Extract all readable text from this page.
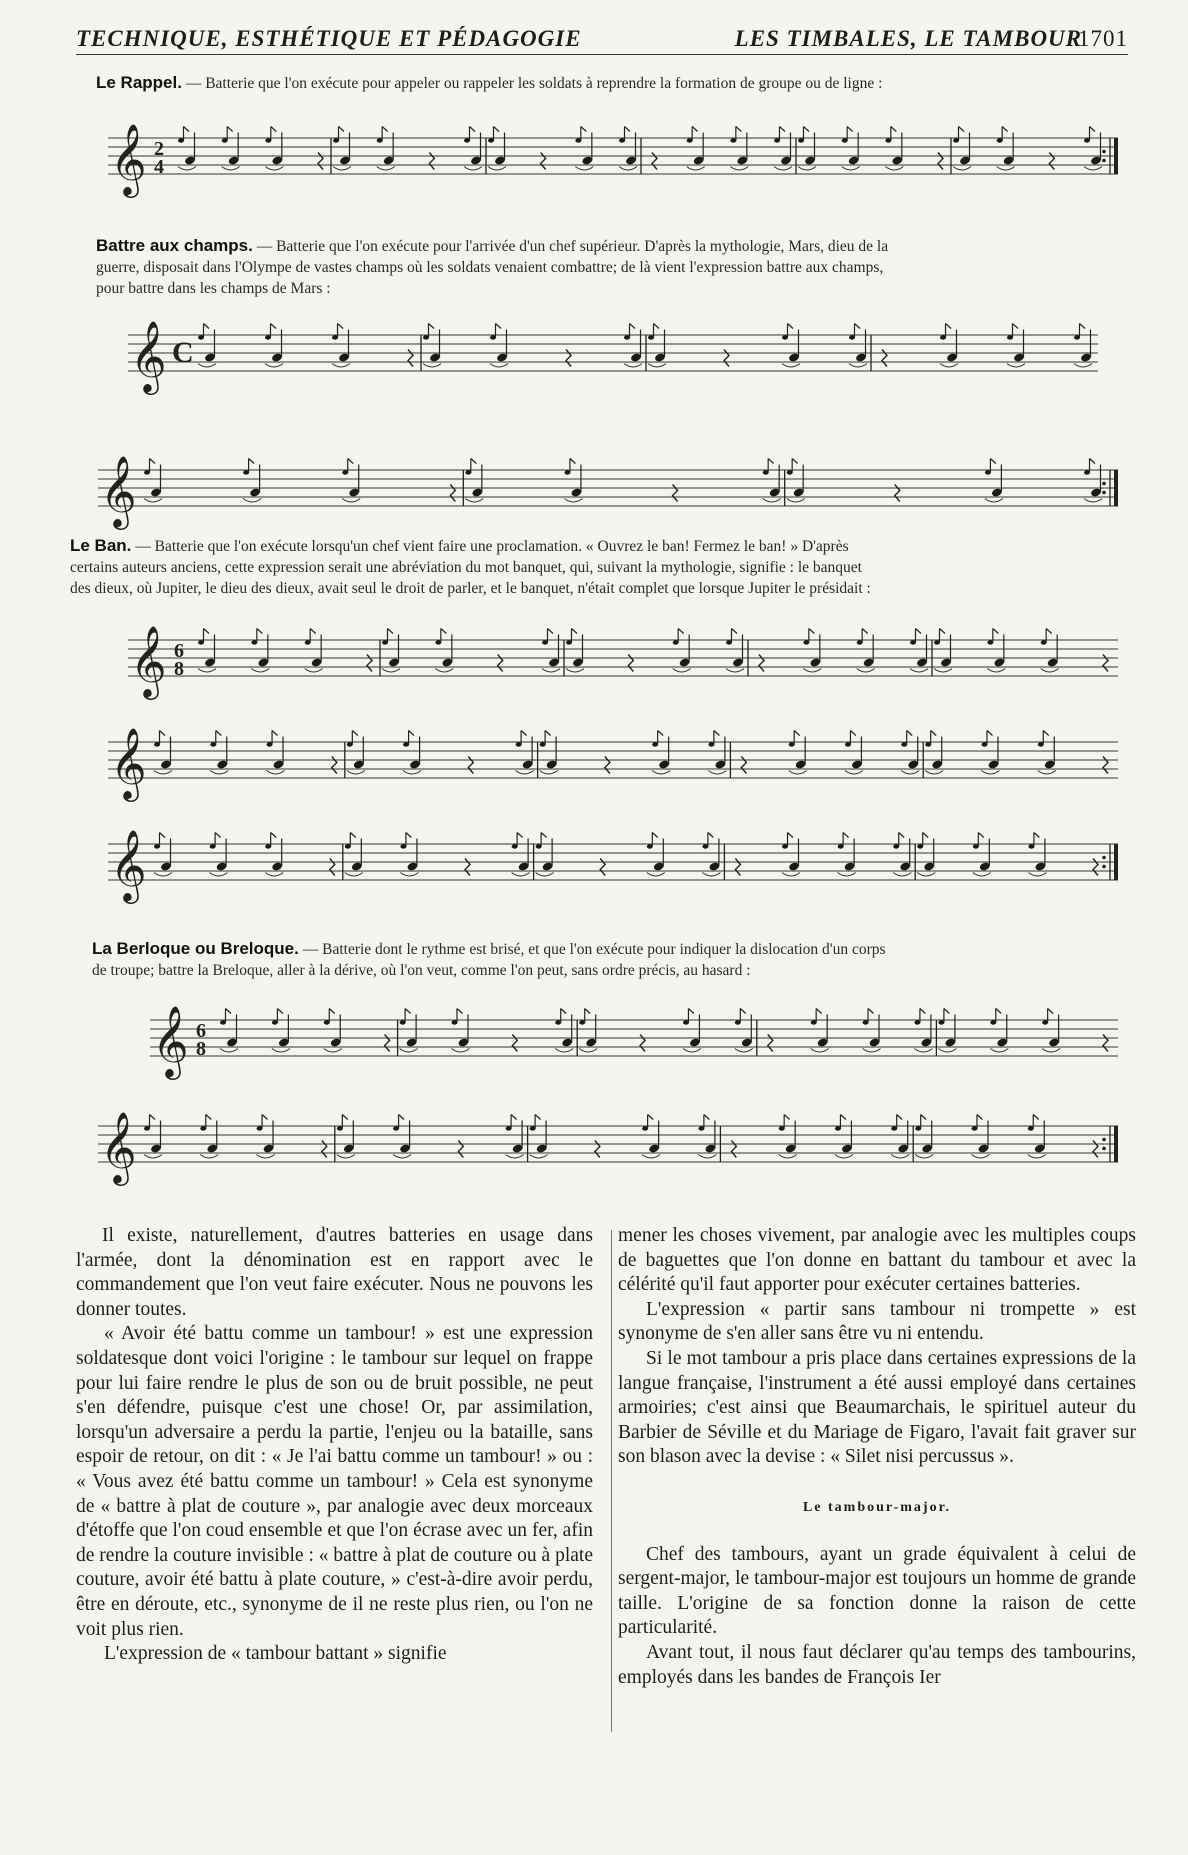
TECHNIQUE, ESTHÉTIQUE ET PÉDAGOGIE	LES TIMBALES, LE TAMBOUR
1701
Le Rappel. — Batterie que l'on exécute pour appeler ou rappeler les soldats à reprendre la formation de groupe ou de ligne :
𝄞 2
4
Battre aux champs. — Batterie que l'on exécute pour l'arrivée d'un chef supérieur. D'après la mythologie, Mars, dieu de la
guerre, disposait dans l'Olympe de vastes champs où les soldats venaient combattre; de là vient l'expression battre aux champs,
pour battre dans les champs de Mars :
𝄞 C
𝄞
Le Ban. — Batterie que l'on exécute lorsqu'un chef vient faire une proclamation. « Ouvrez le ban! Fermez le ban! » D'après
certains auteurs anciens, cette expression serait une abréviation du mot banquet, qui, suivant la mythologie, signifie : le banquet
des dieux, où Jupiter, le dieu des dieux, avait seul le droit de parler, et le banquet, n'était complet que lorsque Jupiter le présidait :
𝄞 6
8
𝄞
𝄞
La Berloque ou Breloque. — Batterie dont le rythme est brisé, et que l'on exécute pour indiquer la dislocation d'un corps
de troupe; battre la Breloque, aller à la dérive, où l'on veut, comme l'on peut, sans ordre précis, au hasard :
𝄞 6
8
𝄞

Il existe, naturellement, d'autres batteries en usage dans l'armée, dont la dénomination est en rapport avec le commandement que l'on veut faire exécuter. Nous ne pouvons les donner toutes.

« Avoir été battu comme un tambour! » est une expression soldatesque dont voici l'origine : le tambour sur lequel on frappe pour lui faire rendre le plus de son ou de bruit possible, ne peut s'en défendre, puisque c'est une chose! Or, par assimilation, lorsqu'un adversaire a perdu la partie, l'enjeu ou la bataille, sans espoir de retour, on dit : « Je l'ai battu comme un tambour! » ou : « Vous avez été battu comme un tambour! » Cela est synonyme de « battre à plat de couture », par analogie avec deux morceaux d'étoffe que l'on coud ensemble et que l'on écrase avec un fer, afin de rendre la couture invisible : « battre à plat de couture ou à plate couture, avoir été battu à plate couture, » c'est-à-dire avoir perdu, être en déroute, etc., synonyme de il ne reste plus rien, ou l'on ne voit plus rien.

L'expression de « tambour battant » signifie

mener les choses vivement, par analogie avec les multiples coups de baguettes que l'on donne en battant du tambour et avec la célérité qu'il faut apporter pour exécuter certaines batteries.

L'expression « partir sans tambour ni trompette » est synonyme de s'en aller sans être vu ni entendu.

Si le mot tambour a pris place dans certaines expressions de la langue française, l'instrument a été aussi employé dans certaines armoiries; c'est ainsi que Beaumarchais, le spirituel auteur du Barbier de Séville et du Mariage de Figaro, l'avait fait graver sur son blason avec la devise : « Silet nisi percussus ».

Le tambour-major.

Chef des tambours, ayant un grade équivalent à celui de sergent-major, le tambour-major est toujours un homme de grande taille. L'origine de sa fonction donne la raison de cette particularité.

Avant tout, il nous faut déclarer qu'au temps des tambourins, employés dans les bandes de François Ier
